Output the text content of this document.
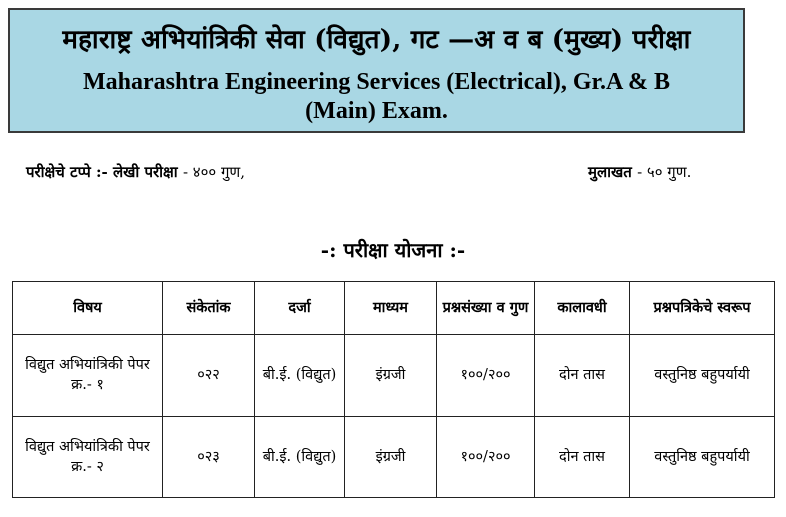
महाराष्ट्र अभियांत्रिकी सेवा (विद्युत), गट —अ व ब (मुख्य) परीक्षा
Maharashtra Engineering Services (Electrical), Gr.A & B
(Main) Exam.
परीक्षेचे टप्पे :- लेखी परीक्षा - ४०० गुण,	मुलाखत - ५० गुण.
-: परीक्षा योजना :-
विषय	संकेतांक	दर्जा	माध्यम	प्रश्नसंख्या व गुण	कालावधी	प्रश्नपत्रिकेचे स्वरूप
विद्युत अभियांत्रिकी पेपर क्र.- १	०२२	बी.ई. (विद्युत)	इंग्रजी	१००/२००	दोन तास	वस्तुनिष्ठ बहुपर्यायी
विद्युत अभियांत्रिकी पेपर क्र.- २	०२३	बी.ई. (विद्युत)	इंग्रजी	१००/२००	दोन तास	वस्तुनिष्ठ बहुपर्यायी
